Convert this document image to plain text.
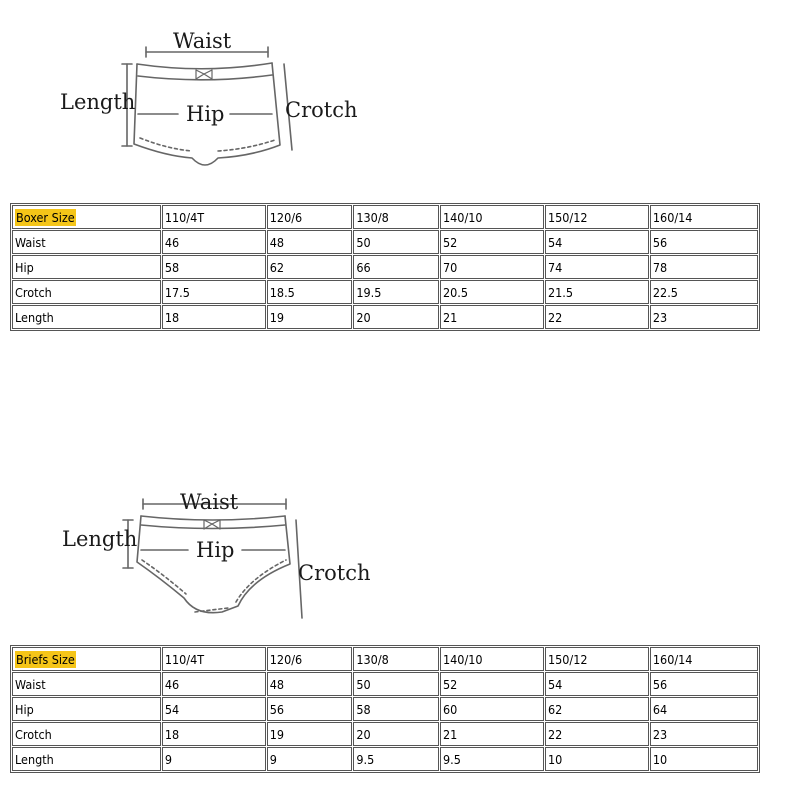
Waist
Hip	Crotch
Length
Boxer Size	110/4T	120/6	130/8	140/10	150/12	160/14
Waist	46	48	50	52	54	56
Hip	58	62	66	70	74	78
Crotch	17.5	18.5	19.5	20.5	21.5	22.5
Length	18	19	20	21	22	23
Waist
Hip
Crotch
Length
Briefs Size	110/4T	120/6	130/8	140/10	150/12	160/14
Waist	46	48	50	52	54	56
Hip	54	56	58	60	62	64
Crotch	18	19	20	21	22	23
Length	9	9	9.5	9.5	10	10
